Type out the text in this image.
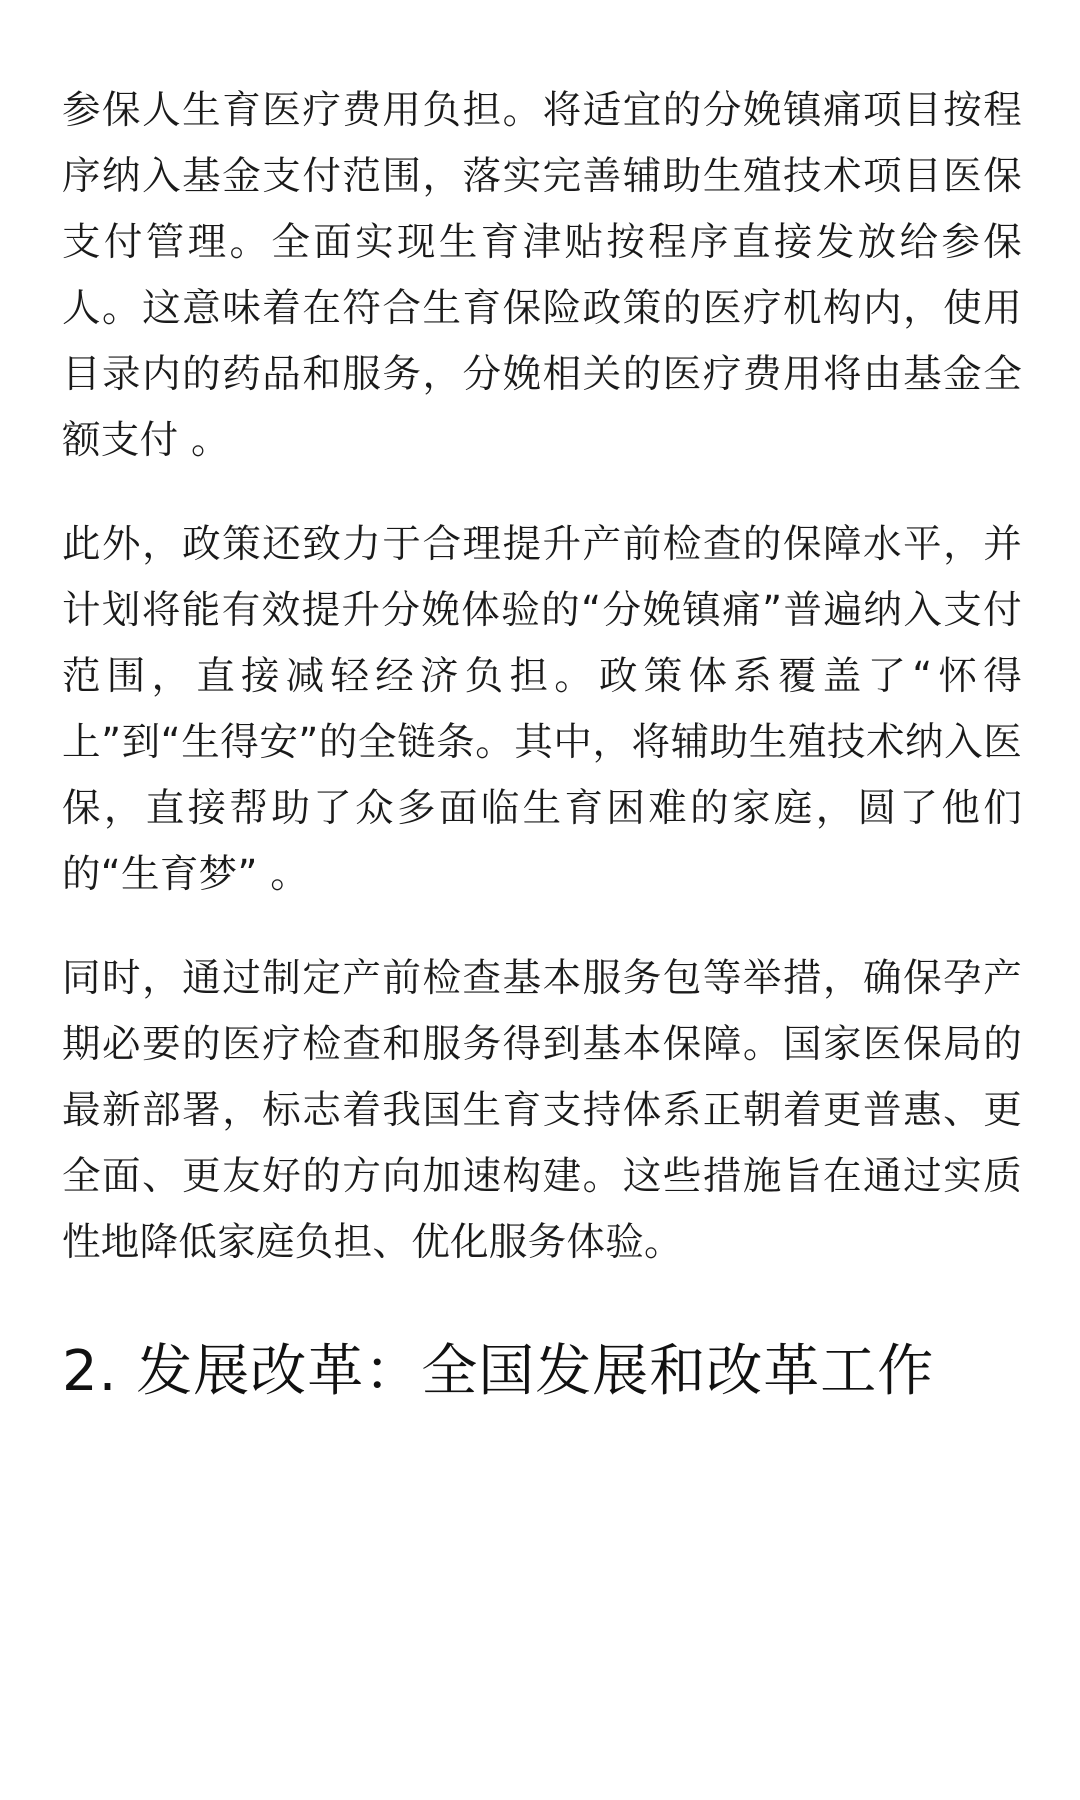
参保人生育医疗费用负担。将适宜的分娩镇痛项目按程序纳入基金支付范围，落实完善辅助生殖技术项目医保支付管理。全面实现生育津贴按程序直接发放给参保人。这意味着在符合生育保险政策的医疗机构内，使用目录内的药品和服务，分娩相关的医疗费用将由基金全额支付 。

此外，政策还致力于合理提升产前检查的保障水平，并计划将能有效提升分娩体验的“分娩镇痛”普遍纳入支付范围，直接减轻经济负担。政策体系覆盖了“怀得上”到“生得安”的全链条。其中，将辅助生殖技术纳入医保，直接帮助了众多面临生育困难的家庭，圆了他们的“生育梦” 。

同时，通过制定产前检查基本服务包等举措，确保孕产期必要的医疗检查和服务得到基本保障。国家医保局的最新部署，标志着我国生育支持体系正朝着更普惠、更全面、更友好的方向加速构建。这些措施旨在通过实质性地降低家庭负担、优化服务体验。

2. 发展改革：全国发展和改革工作
